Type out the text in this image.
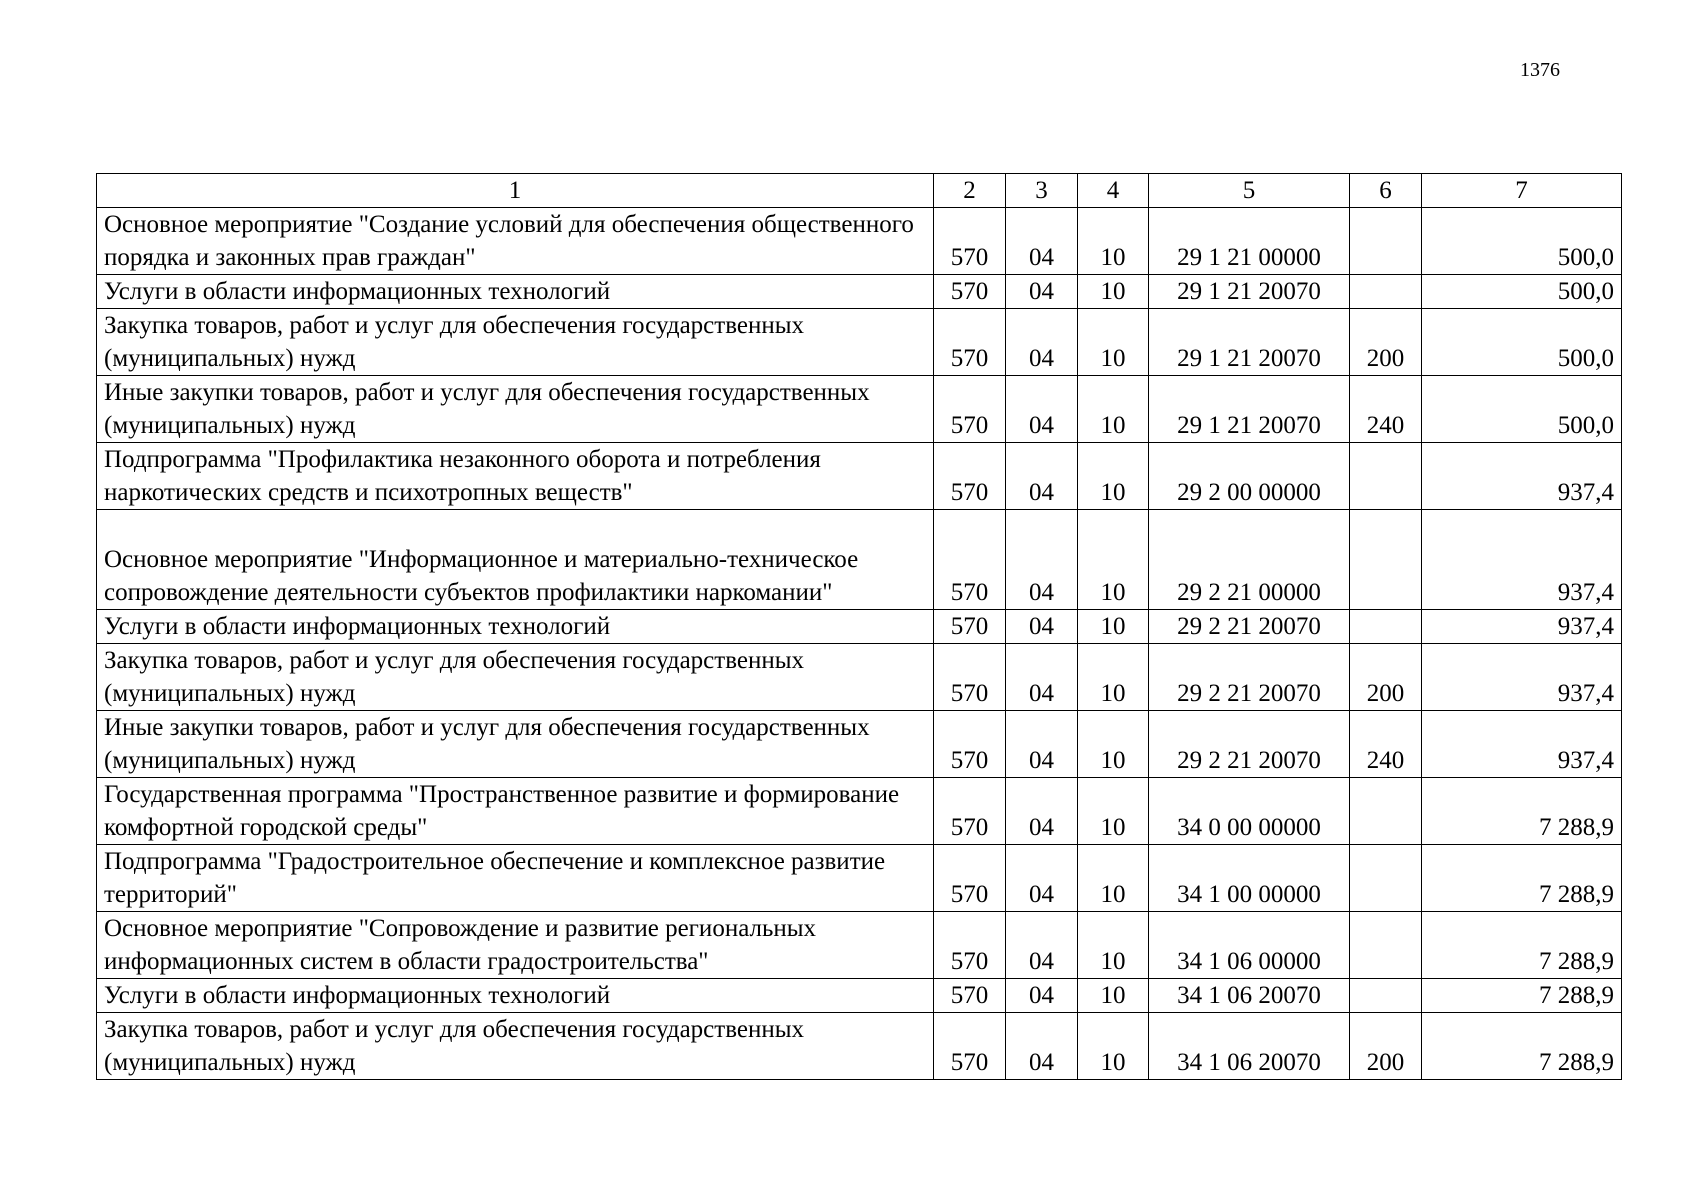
1376
1	2	3	4	5	6	7
Основное мероприятие "Создание условий для обеспечения общественного порядка и законных прав граждан"	570	04	10	29 1 21 00000		500,0
Услуги в области информационных технологий	570	04	10	29 1 21 20070		500,0
Закупка товаров, работ и услуг для обеспечения государственных (муниципальных) нужд	570	04	10	29 1 21 20070	200	500,0
Иные закупки товаров, работ и услуг для обеспечения государственных (муниципальных) нужд	570	04	10	29 1 21 20070	240	500,0
Подпрограмма "Профилактика незаконного оборота и потребления наркотических средств и психотропных веществ"	570	04	10	29 2 00 00000		937,4
Основное мероприятие "Информационное и материально-техническое сопровождение деятельности субъектов профилактики наркомании"	570	04	10	29 2 21 00000		937,4
Услуги в области информационных технологий	570	04	10	29 2 21 20070		937,4
Закупка товаров, работ и услуг для обеспечения государственных (муниципальных) нужд	570	04	10	29 2 21 20070	200	937,4
Иные закупки товаров, работ и услуг для обеспечения государственных (муниципальных) нужд	570	04	10	29 2 21 20070	240	937,4
Государственная программа "Пространственное развитие и формирование комфортной городской среды"	570	04	10	34 0 00 00000		7 288,9
Подпрограмма "Градостроительное обеспечение и комплексное развитие территорий"	570	04	10	34 1 00 00000		7 288,9
Основное мероприятие "Сопровождение и развитие региональных информационных систем в области градостроительства"	570	04	10	34 1 06 00000		7 288,9
Услуги в области информационных технологий	570	04	10	34 1 06 20070		7 288,9
Закупка товаров, работ и услуг для обеспечения государственных (муниципальных) нужд	570	04	10	34 1 06 20070	200	7 288,9
